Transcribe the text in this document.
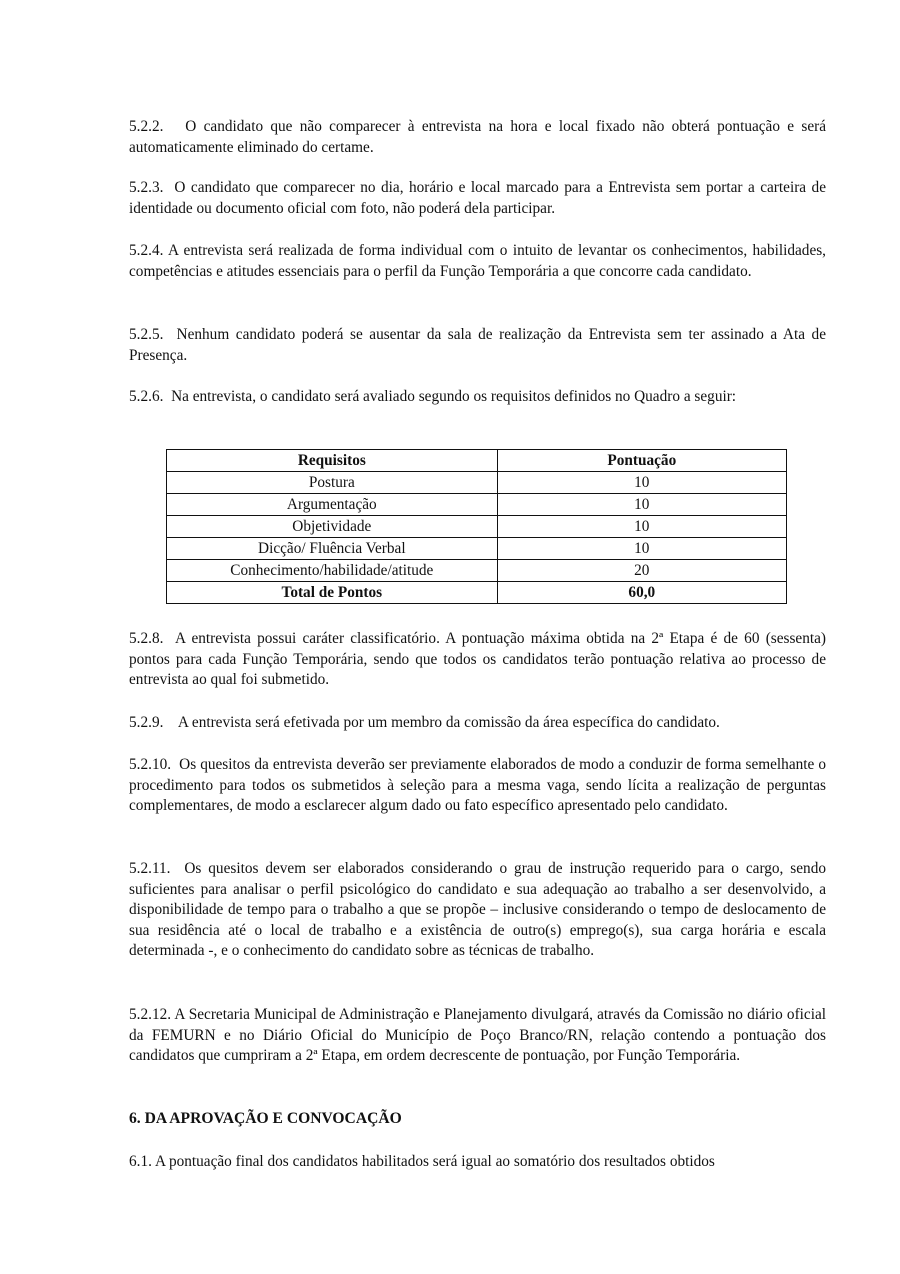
5.2.2. O candidato que não comparecer à entrevista na hora e local fixado não obterá pontuação e será automaticamente eliminado do certame.

5.2.3. O candidato que comparecer no dia, horário e local marcado para a Entrevista sem portar a carteira de identidade ou documento oficial com foto, não poderá dela participar.

5.2.4. A entrevista será realizada de forma individual com o intuito de levantar os conhecimentos, habilidades, competências e atitudes essenciais para o perfil da Função Temporária a que concorre cada candidato.

5.2.5. Nenhum candidato poderá se ausentar da sala de realização da Entrevista sem ter assinado a Ata de Presença.

5.2.6. Na entrevista, o candidato será avaliado segundo os requisitos definidos no Quadro a seguir:

Requisitos	Pontuação
Postura	10
Argumentação	10
Objetividade	10
Dicção/ Fluência Verbal	10
Conhecimento/habilidade/atitude	20
Total de Pontos	60,0

5.2.8. A entrevista possui caráter classificatório. A pontuação máxima obtida na 2ª Etapa é de 60 (sessenta) pontos para cada Função Temporária, sendo que todos os candidatos terão pontuação relativa ao processo de entrevista ao qual foi submetido.

5.2.9. A entrevista será efetivada por um membro da comissão da área específica do candidato.

5.2.10. Os quesitos da entrevista deverão ser previamente elaborados de modo a conduzir de forma semelhante o procedimento para todos os submetidos à seleção para a mesma vaga, sendo lícita a realização de perguntas complementares, de modo a esclarecer algum dado ou fato específico apresentado pelo candidato.

5.2.11. Os quesitos devem ser elaborados considerando o grau de instrução requerido para o cargo, sendo suficientes para analisar o perfil psicológico do candidato e sua adequação ao trabalho a ser desenvolvido, a disponibilidade de tempo para o trabalho a que se propõe – inclusive considerando o tempo de deslocamento de sua residência até o local de trabalho e a existência de outro(s) emprego(s), sua carga horária e escala determinada -, e o conhecimento do candidato sobre as técnicas de trabalho.

5.2.12. A Secretaria Municipal de Administração e Planejamento divulgará, através da Comissão no diário oficial da FEMURN e no Diário Oficial do Município de Poço Branco/RN, relação contendo a pontuação dos candidatos que cumpriram a 2ª Etapa, em ordem decrescente de pontuação, por Função Temporária.

6. DA APROVAÇÃO E CONVOCAÇÃO

6.1. A pontuação final dos candidatos habilitados será igual ao somatório dos resultados obtidos
